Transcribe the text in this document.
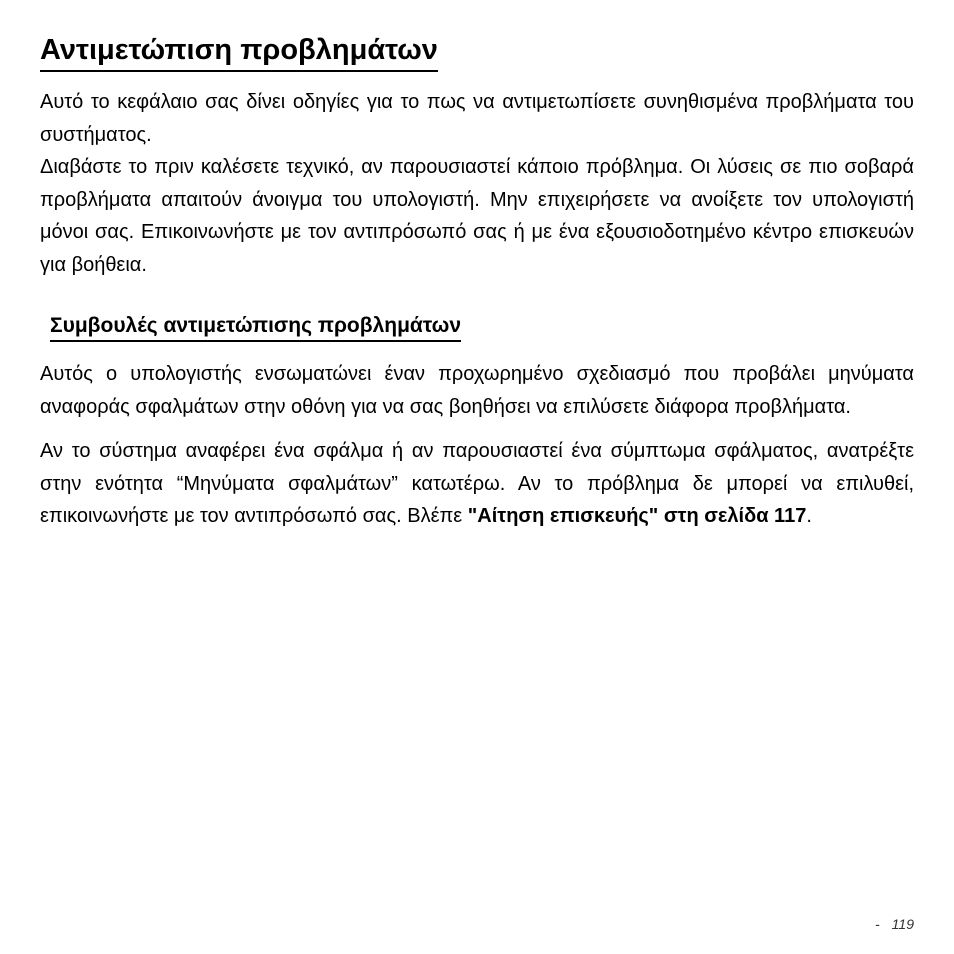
Αντιμετώπιση προβλημάτων

Αυτό το κεφάλαιο σας δίνει οδηγίες για το πως να αντιμετωπίσετε συνηθισμένα προβλήματα του συστήματος.

Διαβάστε το πριν καλέσετε τεχνικό, αν παρουσιαστεί κάποιο πρόβλημα. Οι λύσεις σε πιο σοβαρά προβλήματα απαιτούν άνοιγμα του υπολογιστή. Μην επιχειρήσετε να ανοίξετε τον υπολογιστή μόνοι σας. Επικοινωνήστε με τον αντιπρόσωπό σας ή με ένα εξουσιοδοτημένο κέντρο επισκευών για βοήθεια.

Συμβουλές αντιμετώπισης προβλημάτων

Αυτός ο υπολογιστής ενσωματώνει έναν προχωρημένο σχεδιασμό που προβάλει μηνύματα αναφοράς σφαλμάτων στην οθόνη για να σας βοηθήσει να επιλύσετε διάφορα προβλήματα.

Αν το σύστημα αναφέρει ένα σφάλμα ή αν παρουσιαστεί ένα σύμπτωμα σφάλματος, ανατρέξτε στην ενότητα “Μηνύματα σφαλμάτων” κατωτέρω. Αν το πρόβλημα δε μπορεί να επιλυθεί, επικοινωνήστε με τον αντιπρόσωπό σας. Βλέπε "Αίτηση επισκευής" στη σελίδα 117.

- 119
